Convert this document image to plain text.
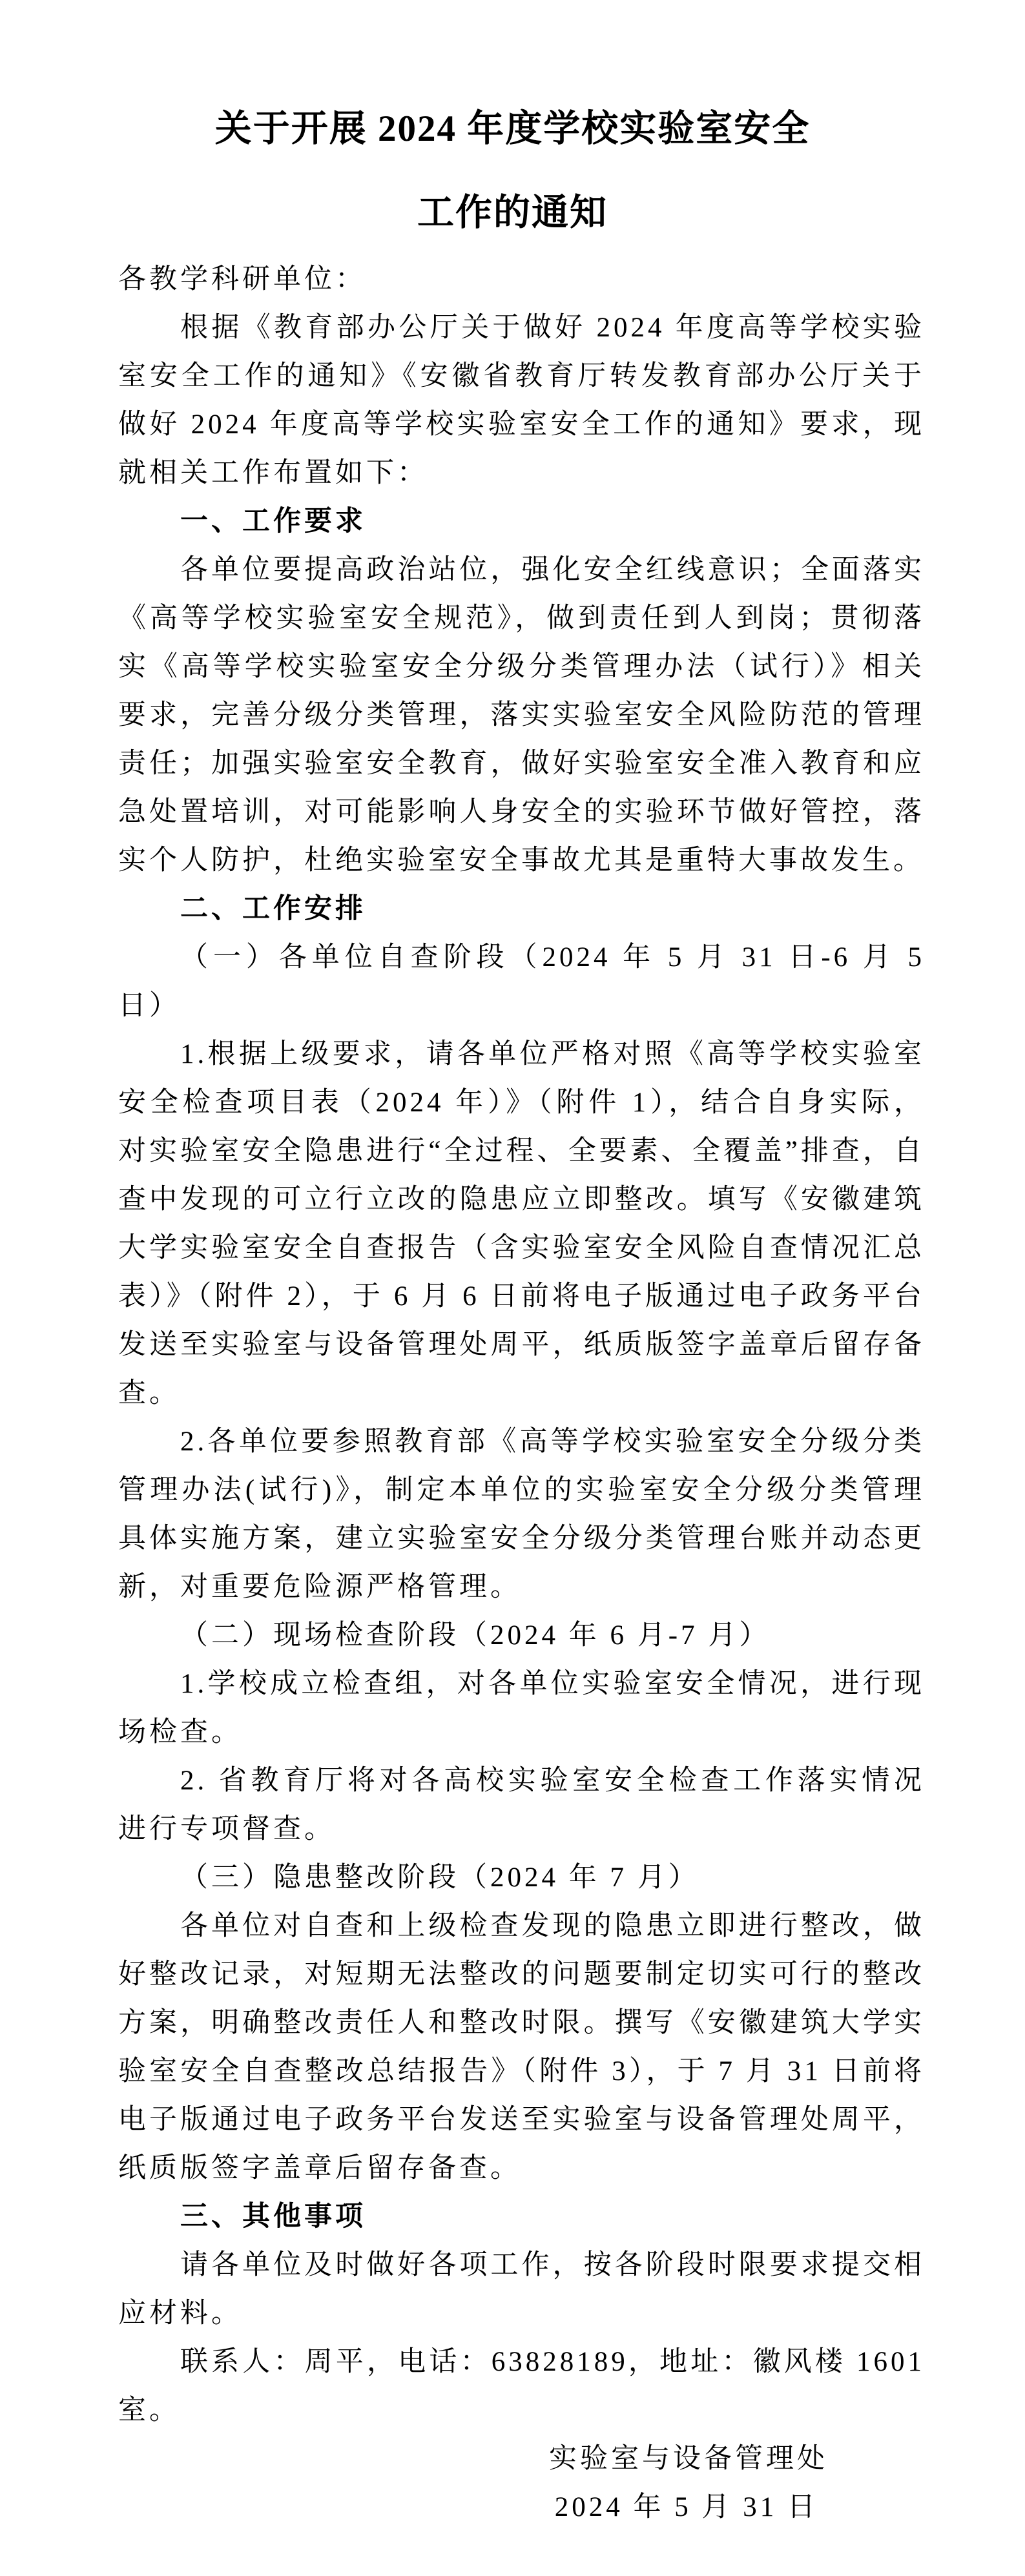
关于开展 2024 年度学校实验室安全
工作的通知

各教学科研单位：

根据《教育部办公厅关于做好 2024 年度高等学校实验室安全工作的通知》《安徽省教育厅转发教育部办公厅关于做好 2024 年度高等学校实验室安全工作的通知》要求，现就相关工作布置如下：

一、工作要求

各单位要提高政治站位，强化安全红线意识；全面落实《高等学校实验室安全规范》，做到责任到人到岗；贯彻落实《高等学校实验室安全分级分类管理办法（试行）》相关要求，完善分级分类管理，落实实验室安全风险防范的管理责任；加强实验室安全教育，做好实验室安全准入教育和应急处置培训，对可能影响人身安全的实验环节做好管控，落实个人防护，杜绝实验室安全事故尤其是重特大事故发生。

二、工作安排

（一）各单位自查阶段（2024 年 5 月 31 日-6 月 5 日）

1.根据上级要求，请各单位严格对照《高等学校实验室安全检查项目表（2024 年）》（附件 1），结合自身实际，对实验室安全隐患进行“全过程、全要素、全覆盖”排查，自查中发现的可立行立改的隐患应立即整改。填写《安徽建筑大学实验室安全自查报告（含实验室安全风险自查情况汇总表）》（附件 2），于 6 月 6 日前将电子版通过电子政务平台发送至实验室与设备管理处周平，纸质版签字盖章后留存备查。

2.各单位要参照教育部《高等学校实验室安全分级分类管理办法(试行)》，制定本单位的实验室安全分级分类管理具体实施方案，建立实验室安全分级分类管理台账并动态更新，对重要危险源严格管理。

（二）现场检查阶段（2024 年 6 月-7 月）

1.学校成立检查组，对各单位实验室安全情况，进行现场检查。

2. 省教育厅将对各高校实验室安全检查工作落实情况进行专项督查。

（三）隐患整改阶段（2024 年 7 月）

各单位对自查和上级检查发现的隐患立即进行整改，做好整改记录，对短期无法整改的问题要制定切实可行的整改方案，明确整改责任人和整改时限。撰写《安徽建筑大学实验室安全自查整改总结报告》（附件 3），于 7 月 31 日前将电子版通过电子政务平台发送至实验室与设备管理处周平，纸质版签字盖章后留存备查。

三、其他事项

请各单位及时做好各项工作，按各阶段时限要求提交相应材料。

联系人：周平，电话：63828189，地址：徽风楼 1601 室。

实验室与设备管理处

2024 年 5 月 31 日
